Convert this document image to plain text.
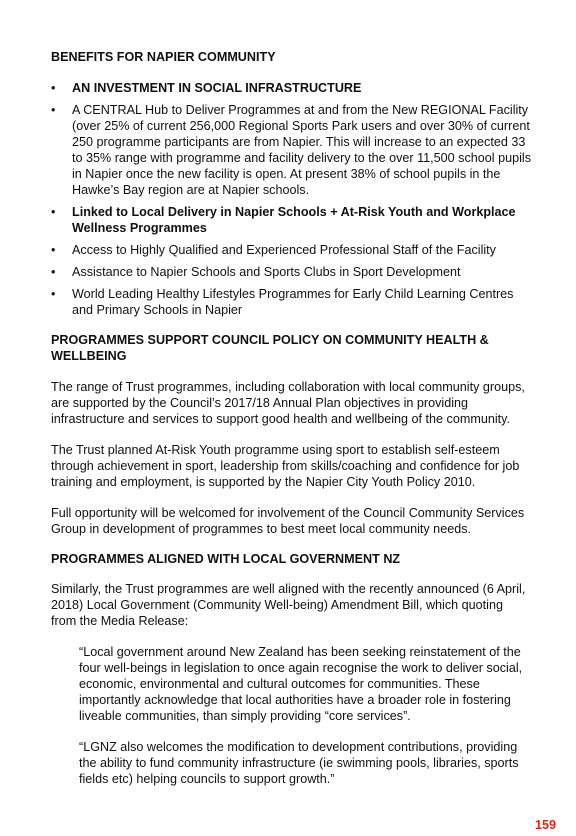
BENEFITS FOR NAPIER COMMUNITY
• AN INVESTMENT IN SOCIAL INFRASTRUCTURE
• A CENTRAL Hub to Deliver Programmes at and from the New REGIONAL Facility
(over 25% of current 256,000 Regional Sports Park users and over 30% of current 250 programme participants are from Napier. This will increase to an expected 33 to 35% range with programme and facility delivery to the over 11,500 school pupils in Napier once the new facility is open. At present 38% of school pupils in the Hawke’s Bay region are at Napier schools.
• Linked to Local Delivery in Napier Schools + At-Risk Youth and Workplace Wellness Programmes
• Access to Highly Qualified and Experienced Professional Staff of the Facility
• Assistance to Napier Schools and Sports Clubs in Sport Development
• World Leading Healthy Lifestyles Programmes for Early Child Learning Centres and Primary Schools in Napier
PROGRAMMES SUPPORT COUNCIL POLICY ON COMMUNITY HEALTH & WELLBEING

The range of Trust programmes, including collaboration with local community groups, are supported by the Council’s 2017/18 Annual Plan objectives in providing infrastructure and services to support good health and wellbeing of the community.

The Trust planned At-Risk Youth programme using sport to establish self-esteem through achievement in sport, leadership from skills/coaching and confidence for job training and employment, is supported by the Napier City Youth Policy 2010.

Full opportunity will be welcomed for involvement of the Council Community Services Group in development of programmes to best meet local community needs.

PROGRAMMES ALIGNED WITH LOCAL GOVERNMENT NZ

Similarly, the Trust programmes are well aligned with the recently announced (6 April, 2018) Local Government (Community Well-being) Amendment Bill, which quoting from the Media Release:

“Local government around New Zealand has been seeking reinstatement of the four well-beings in legislation to once again recognise the work to deliver social, economic, environmental and cultural outcomes for communities. These importantly acknowledge that local authorities have a broader role in fostering liveable communities, than simply providing “core services”.

“LGNZ also welcomes the modification to development contributions, providing the ability to fund community infrastructure (ie swimming pools, libraries, sports fields etc) helping councils to support growth.”

159
